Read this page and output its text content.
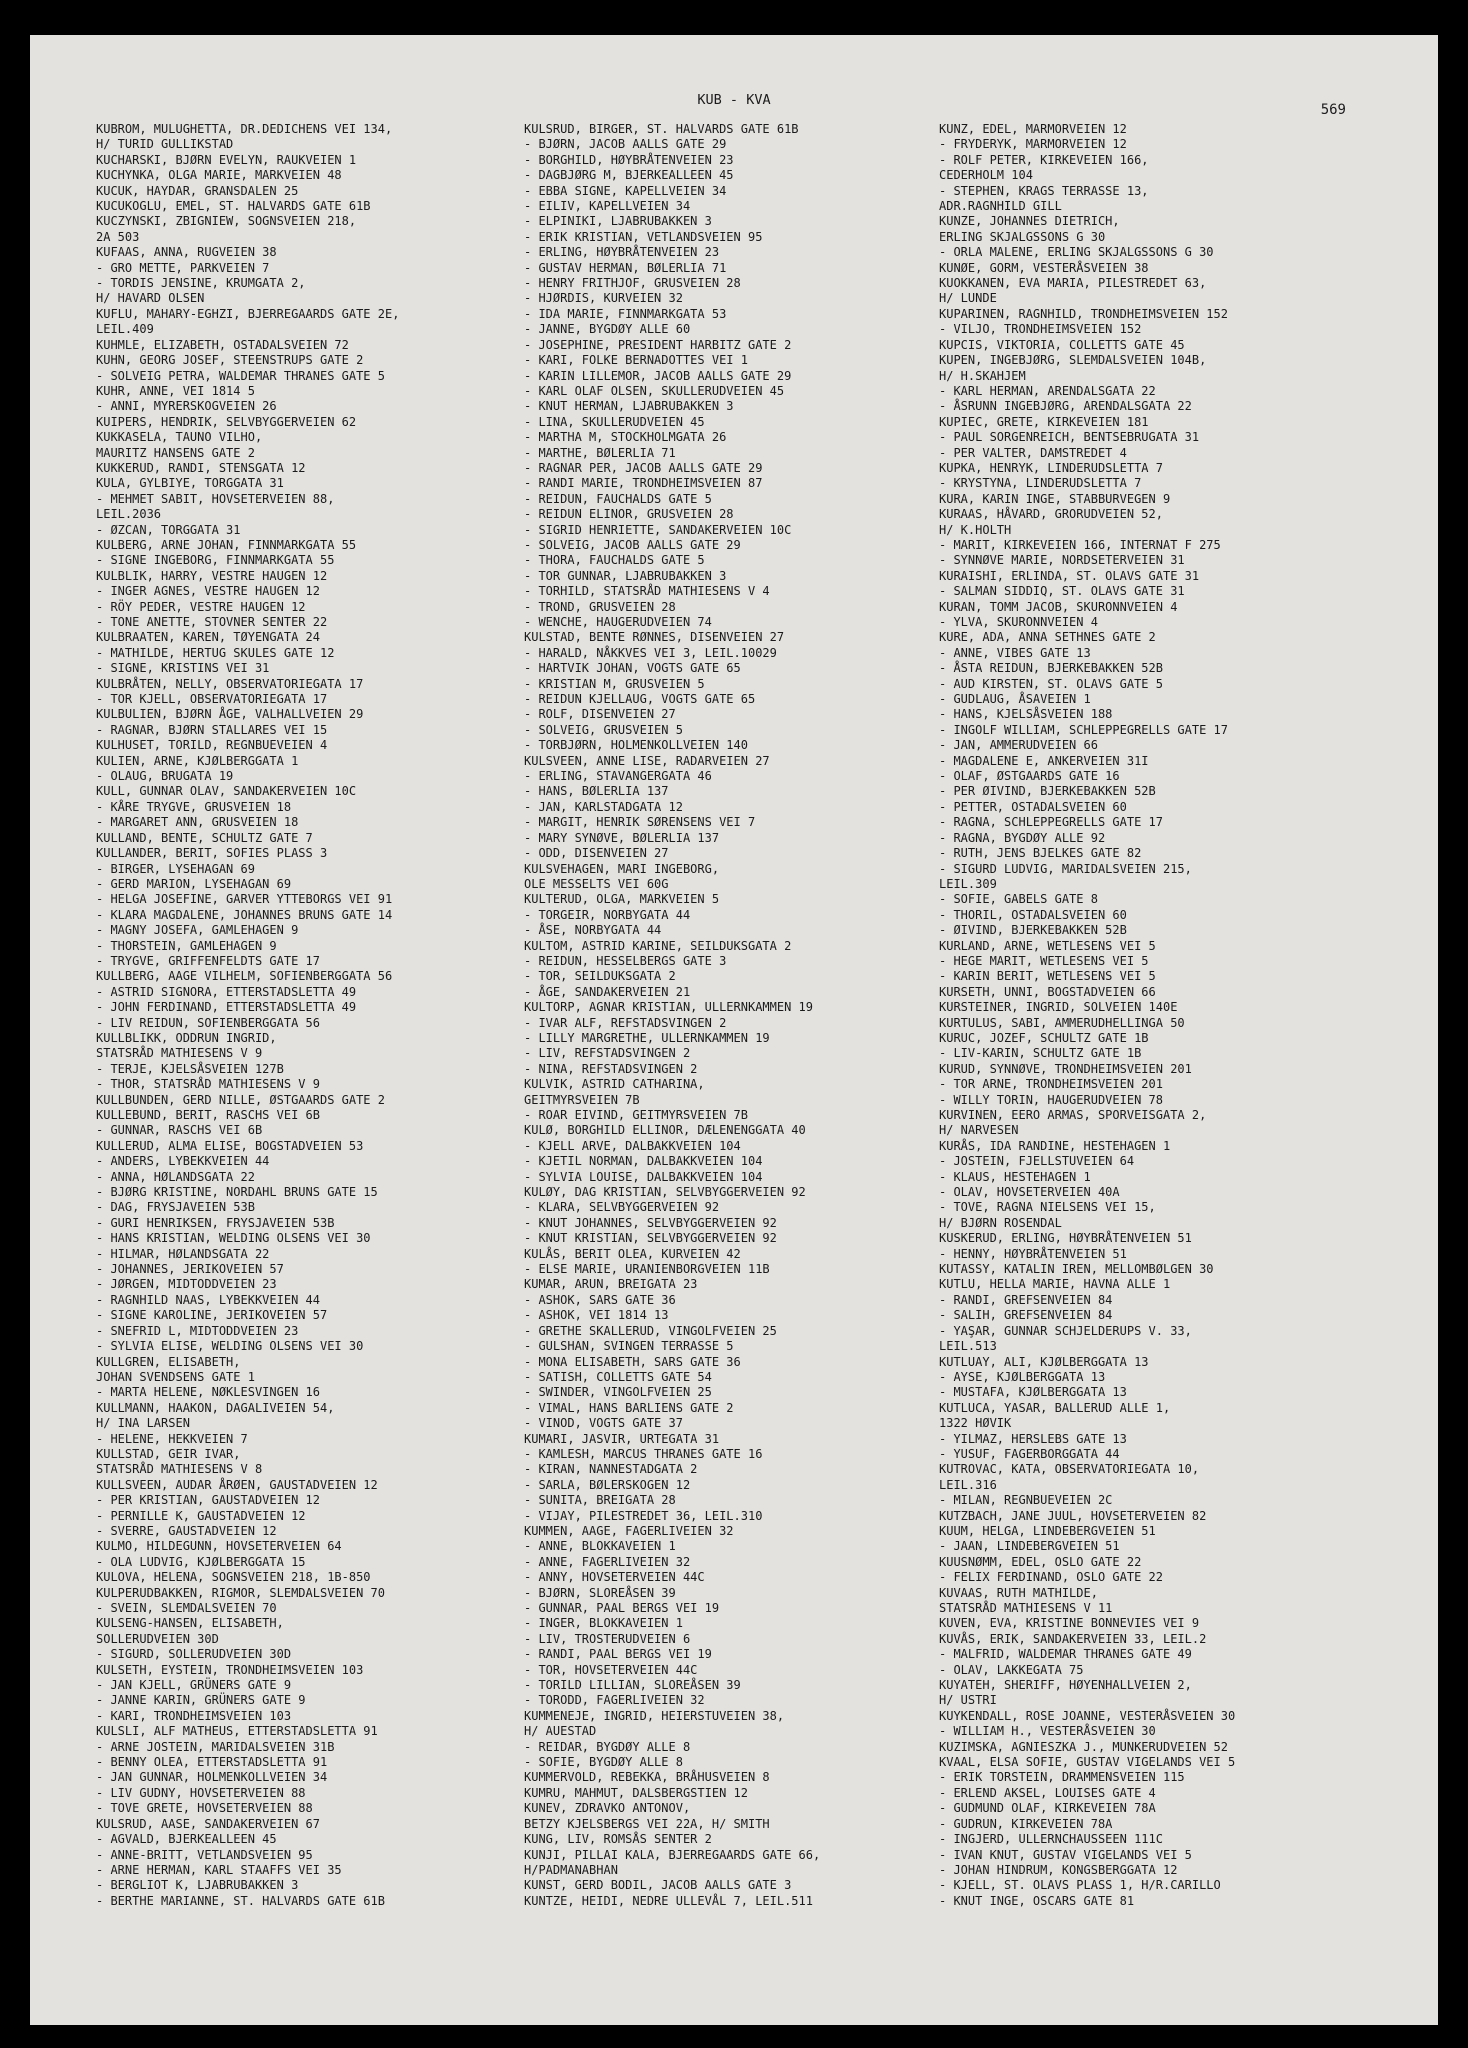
KUB - KVA
569
KUBROM, MULUGHETTA, DR.DEDICHENS VEI 134,
H/ TURID GULLIKSTAD
KUCHARSKI, BJØRN EVELYN, RAUKVEIEN 1
KUCHYNKA, OLGA MARIE, MARKVEIEN 48
KUCUK, HAYDAR, GRANSDALEN 25
KUCUKOGLU, EMEL, ST. HALVARDS GATE 61B
KUCZYNSKI, ZBIGNIEW, SOGNSVEIEN 218,
2A 503
KUFAAS, ANNA, RUGVEIEN 38
- GRO METTE, PARKVEIEN 7
- TORDIS JENSINE, KRUMGATA 2,
H/ HAVARD OLSEN
KUFLU, MAHARY-EGHZI, BJERREGAARDS GATE 2E,
LEIL.409
KUHMLE, ELIZABETH, OSTADALSVEIEN 72
KUHN, GEORG JOSEF, STEENSTRUPS GATE 2
- SOLVEIG PETRA, WALDEMAR THRANES GATE 5
KUHR, ANNE, VEI 1814 5
- ANNI, MYRERSKOGVEIEN 26
KUIPERS, HENDRIK, SELVBYGGERVEIEN 62
KUKKASELA, TAUNO VILHO,
MAURITZ HANSENS GATE 2
KUKKERUD, RANDI, STENSGATA 12
KULA, GYLBIYE, TORGGATA 31
- MEHMET SABIT, HOVSETERVEIEN 88,
LEIL.2036
- ØZCAN, TORGGATA 31
KULBERG, ARNE JOHAN, FINNMARKGATA 55
- SIGNE INGEBORG, FINNMARKGATA 55
KULBLIK, HARRY, VESTRE HAUGEN 12
- INGER AGNES, VESTRE HAUGEN 12
- RÖY PEDER, VESTRE HAUGEN 12
- TONE ANETTE, STOVNER SENTER 22
KULBRAATEN, KAREN, TØYENGATA 24
- MATHILDE, HERTUG SKULES GATE 12
- SIGNE, KRISTINS VEI 31
KULBRÅTEN, NELLY, OBSERVATORIEGATA 17
- TOR KJELL, OBSERVATORIEGATA 17
KULBULIEN, BJØRN ÅGE, VALHALLVEIEN 29
- RAGNAR, BJØRN STALLARES VEI 15
KULHUSET, TORILD, REGNBUEVEIEN 4
KULIEN, ARNE, KJØLBERGGATA 1
- OLAUG, BRUGATA 19
KULL, GUNNAR OLAV, SANDAKERVEIEN 10C
- KÅRE TRYGVE, GRUSVEIEN 18
- MARGARET ANN, GRUSVEIEN 18
KULLAND, BENTE, SCHULTZ GATE 7
KULLANDER, BERIT, SOFIES PLASS 3
- BIRGER, LYSEHAGAN 69
- GERD MARION, LYSEHAGAN 69
- HELGA JOSEFINE, GARVER YTTEBORGS VEI 91
- KLARA MAGDALENE, JOHANNES BRUNS GATE 14
- MAGNY JOSEFA, GAMLEHAGEN 9
- THORSTEIN, GAMLEHAGEN 9
- TRYGVE, GRIFFENFELDTS GATE 17
KULLBERG, AAGE VILHELM, SOFIENBERGGATA 56
- ASTRID SIGNORA, ETTERSTADSLETTA 49
- JOHN FERDINAND, ETTERSTADSLETTA 49
- LIV REIDUN, SOFIENBERGGATA 56
KULLBLIKK, ODDRUN INGRID,
STATSRÅD MATHIESENS V 9
- TERJE, KJELSÅSVEIEN 127B
- THOR, STATSRÅD MATHIESENS V 9
KULLBUNDEN, GERD NILLE, ØSTGAARDS GATE 2
KULLEBUND, BERIT, RASCHS VEI 6B
- GUNNAR, RASCHS VEI 6B
KULLERUD, ALMA ELISE, BOGSTADVEIEN 53
- ANDERS, LYBEKKVEIEN 44
- ANNA, HØLANDSGATA 22
- BJØRG KRISTINE, NORDAHL BRUNS GATE 15
- DAG, FRYSJAVEIEN 53B
- GURI HENRIKSEN, FRYSJAVEIEN 53B
- HANS KRISTIAN, WELDING OLSENS VEI 30
- HILMAR, HØLANDSGATA 22
- JOHANNES, JERIKOVEIEN 57
- JØRGEN, MIDTODDVEIEN 23
- RAGNHILD NAAS, LYBEKKVEIEN 44
- SIGNE KAROLINE, JERIKOVEIEN 57
- SNEFRID L, MIDTODDVEIEN 23
- SYLVIA ELISE, WELDING OLSENS VEI 30
KULLGREN, ELISABETH,
JOHAN SVENDSENS GATE 1
- MARTA HELENE, NØKLESVINGEN 16
KULLMANN, HAAKON, DAGALIVEIEN 54,
H/ INA LARSEN
- HELENE, HEKKVEIEN 7
KULLSTAD, GEIR IVAR,
STATSRÅD MATHIESENS V 8
KULLSVEEN, AUDAR ÅRØEN, GAUSTADVEIEN 12
- PER KRISTIAN, GAUSTADVEIEN 12
- PERNILLE K, GAUSTADVEIEN 12
- SVERRE, GAUSTADVEIEN 12
KULMO, HILDEGUNN, HOVSETERVEIEN 64
- OLA LUDVIG, KJØLBERGGATA 15
KULOVA, HELENA, SOGNSVEIEN 218, 1B-850
KULPERUDBAKKEN, RIGMOR, SLEMDALSVEIEN 70
- SVEIN, SLEMDALSVEIEN 70
KULSENG-HANSEN, ELISABETH,
SOLLERUDVEIEN 30D
- SIGURD, SOLLERUDVEIEN 30D
KULSETH, EYSTEIN, TRONDHEIMSVEIEN 103
- JAN KJELL, GRÜNERS GATE 9
- JANNE KARIN, GRÜNERS GATE 9
- KARI, TRONDHEIMSVEIEN 103
KULSLI, ALF MATHEUS, ETTERSTADSLETTA 91
- ARNE JOSTEIN, MARIDALSVEIEN 31B
- BENNY OLEA, ETTERSTADSLETTA 91
- JAN GUNNAR, HOLMENKOLLVEIEN 34
- LIV GUDNY, HOVSETERVEIEN 88
- TOVE GRETE, HOVSETERVEIEN 88
KULSRUD, AASE, SANDAKERVEIEN 67
- AGVALD, BJERKEALLEEN 45
- ANNE-BRITT, VETLANDSVEIEN 95
- ARNE HERMAN, KARL STAAFFS VEI 35
- BERGLIOT K, LJABRUBAKKEN 3
- BERTHE MARIANNE, ST. HALVARDS GATE 61B
KULSRUD, BIRGER, ST. HALVARDS GATE 61B
- BJØRN, JACOB AALLS GATE 29
- BORGHILD, HØYBRÅTENVEIEN 23
- DAGBJØRG M, BJERKEALLEEN 45
- EBBA SIGNE, KAPELLVEIEN 34
- EILIV, KAPELLVEIEN 34
- ELPINIKI, LJABRUBAKKEN 3
- ERIK KRISTIAN, VETLANDSVEIEN 95
- ERLING, HØYBRÅTENVEIEN 23
- GUSTAV HERMAN, BØLERLIA 71
- HENRY FRITHJOF, GRUSVEIEN 28
- HJØRDIS, KURVEIEN 32
- IDA MARIE, FINNMARKGATA 53
- JANNE, BYGDØY ALLE 60
- JOSEPHINE, PRESIDENT HARBITZ GATE 2
- KARI, FOLKE BERNADOTTES VEI 1
- KARIN LILLEMOR, JACOB AALLS GATE 29
- KARL OLAF OLSEN, SKULLERUDVEIEN 45
- KNUT HERMAN, LJABRUBAKKEN 3
- LINA, SKULLERUDVEIEN 45
- MARTHA M, STOCKHOLMGATA 26
- MARTHE, BØLERLIA 71
- RAGNAR PER, JACOB AALLS GATE 29
- RANDI MARIE, TRONDHEIMSVEIEN 87
- REIDUN, FAUCHALDS GATE 5
- REIDUN ELINOR, GRUSVEIEN 28
- SIGRID HENRIETTE, SANDAKERVEIEN 10C
- SOLVEIG, JACOB AALLS GATE 29
- THORA, FAUCHALDS GATE 5
- TOR GUNNAR, LJABRUBAKKEN 3
- TORHILD, STATSRÅD MATHIESENS V 4
- TROND, GRUSVEIEN 28
- WENCHE, HAUGERUDVEIEN 74
KULSTAD, BENTE RØNNES, DISENVEIEN 27
- HARALD, NÅKKVES VEI 3, LEIL.10029
- HARTVIK JOHAN, VOGTS GATE 65
- KRISTIAN M, GRUSVEIEN 5
- REIDUN KJELLAUG, VOGTS GATE 65
- ROLF, DISENVEIEN 27
- SOLVEIG, GRUSVEIEN 5
- TORBJØRN, HOLMENKOLLVEIEN 140
KULSVEEN, ANNE LISE, RADARVEIEN 27
- ERLING, STAVANGERGATA 46
- HANS, BØLERLIA 137
- JAN, KARLSTADGATA 12
- MARGIT, HENRIK SØRENSENS VEI 7
- MARY SYNØVE, BØLERLIA 137
- ODD, DISENVEIEN 27
KULSVEHAGEN, MARI INGEBORG,
OLE MESSELTS VEI 60G
KULTERUD, OLGA, MARKVEIEN 5
- TORGEIR, NORBYGATA 44
- ÅSE, NORBYGATA 44
KULTOM, ASTRID KARINE, SEILDUKSGATA 2
- REIDUN, HESSELBERGS GATE 3
- TOR, SEILDUKSGATA 2
- ÅGE, SANDAKERVEIEN 21
KULTORP, AGNAR KRISTIAN, ULLERNKAMMEN 19
- IVAR ALF, REFSTADSVINGEN 2
- LILLY MARGRETHE, ULLERNKAMMEN 19
- LIV, REFSTADSVINGEN 2
- NINA, REFSTADSVINGEN 2
KULVIK, ASTRID CATHARINA,
GEITMYRSVEIEN 7B
- ROAR EIVIND, GEITMYRSVEIEN 7B
KULØ, BORGHILD ELLINOR, DÆLENENGGATA 40
- KJELL ARVE, DALBAKKVEIEN 104
- KJETIL NORMAN, DALBAKKVEIEN 104
- SYLVIA LOUISE, DALBAKKVEIEN 104
KULØY, DAG KRISTIAN, SELVBYGGERVEIEN 92
- KLARA, SELVBYGGERVEIEN 92
- KNUT JOHANNES, SELVBYGGERVEIEN 92
- KNUT KRISTIAN, SELVBYGGERVEIEN 92
KULÅS, BERIT OLEA, KURVEIEN 42
- ELSE MARIE, URANIENBORGVEIEN 11B
KUMAR, ARUN, BREIGATA 23
- ASHOK, SARS GATE 36
- ASHOK, VEI 1814 13
- GRETHE SKALLERUD, VINGOLFVEIEN 25
- GULSHAN, SVINGEN TERRASSE 5
- MONA ELISABETH, SARS GATE 36
- SATISH, COLLETTS GATE 54
- SWINDER, VINGOLFVEIEN 25
- VIMAL, HANS BARLIENS GATE 2
- VINOD, VOGTS GATE 37
KUMARI, JASVIR, URTEGATA 31
- KAMLESH, MARCUS THRANES GATE 16
- KIRAN, NANNESTADGATA 2
- SARLA, BØLERSKOGEN 12
- SUNITA, BREIGATA 28
- VIJAY, PILESTREDET 36, LEIL.310
KUMMEN, AAGE, FAGERLIVEIEN 32
- ANNE, BLOKKAVEIEN 1
- ANNE, FAGERLIVEIEN 32
- ANNY, HOVSETERVEIEN 44C
- BJØRN, SLOREÅSEN 39
- GUNNAR, PAAL BERGS VEI 19
- INGER, BLOKKAVEIEN 1
- LIV, TROSTERUDVEIEN 6
- RANDI, PAAL BERGS VEI 19
- TOR, HOVSETERVEIEN 44C
- TORILD LILLIAN, SLOREÅSEN 39
- TORODD, FAGERLIVEIEN 32
KUMMENEJE, INGRID, HEIERSTUVEIEN 38,
H/ AUESTAD
- REIDAR, BYGDØY ALLE 8
- SOFIE, BYGDØY ALLE 8
KUMMERVOLD, REBEKKA, BRÅHUSVEIEN 8
KUMRU, MAHMUT, DALSBERGSTIEN 12
KUNEV, ZDRAVKO ANTONOV,
BETZY KJELSBERGS VEI 22A, H/ SMITH
KUNG, LIV, ROMSÅS SENTER 2
KUNJI, PILLAI KALA, BJERREGAARDS GATE 66,
H/PADMANABHAN
KUNST, GERD BODIL, JACOB AALLS GATE 3
KUNTZE, HEIDI, NEDRE ULLEVÅL 7, LEIL.511
KUNZ, EDEL, MARMORVEIEN 12
- FRYDERYK, MARMORVEIEN 12
- ROLF PETER, KIRKEVEIEN 166,
CEDERHOLM 104
- STEPHEN, KRAGS TERRASSE 13,
ADR.RAGNHILD GILL
KUNZE, JOHANNES DIETRICH,
ERLING SKJALGSSONS G 30
- ORLA MALENE, ERLING SKJALGSSONS G 30
KUNØE, GORM, VESTERÅSVEIEN 38
KUOKKANEN, EVA MARIA, PILESTREDET 63,
H/ LUNDE
KUPARINEN, RAGNHILD, TRONDHEIMSVEIEN 152
- VILJO, TRONDHEIMSVEIEN 152
KUPCIS, VIKTORIA, COLLETTS GATE 45
KUPEN, INGEBJØRG, SLEMDALSVEIEN 104B,
H/ H.SKAHJEM
- KARL HERMAN, ARENDALSGATA 22
- ÅSRUNN INGEBJØRG, ARENDALSGATA 22
KUPIEC, GRETE, KIRKEVEIEN 181
- PAUL SORGENREICH, BENTSEBRUGATA 31
- PER VALTER, DAMSTREDET 4
KUPKA, HENRYK, LINDERUDSLETTA 7
- KRYSTYNA, LINDERUDSLETTA 7
KURA, KARIN INGE, STABBURVEGEN 9
KURAAS, HÅVARD, GRORUDVEIEN 52,
H/ K.HOLTH
- MARIT, KIRKEVEIEN 166, INTERNAT F 275
- SYNNØVE MARIE, NORDSETERVEIEN 31
KURAISHI, ERLINDA, ST. OLAVS GATE 31
- SALMAN SIDDIQ, ST. OLAVS GATE 31
KURAN, TOMM JACOB, SKURONNVEIEN 4
- YLVA, SKURONNVEIEN 4
KURE, ADA, ANNA SETHNES GATE 2
- ANNE, VIBES GATE 13
- ÅSTA REIDUN, BJERKEBAKKEN 52B
- AUD KIRSTEN, ST. OLAVS GATE 5
- GUDLAUG, ÅSAVEIEN 1
- HANS, KJELSÅSVEIEN 188
- INGOLF WILLIAM, SCHLEPPEGRELLS GATE 17
- JAN, AMMERUDVEIEN 66
- MAGDALENE E, ANKERVEIEN 31I
- OLAF, ØSTGAARDS GATE 16
- PER ØIVIND, BJERKEBAKKEN 52B
- PETTER, OSTADALSVEIEN 60
- RAGNA, SCHLEPPEGRELLS GATE 17
- RAGNA, BYGDØY ALLE 92
- RUTH, JENS BJELKES GATE 82
- SIGURD LUDVIG, MARIDALSVEIEN 215,
LEIL.309
- SOFIE, GABELS GATE 8
- THORIL, OSTADALSVEIEN 60
- ØIVIND, BJERKEBAKKEN 52B
KURLAND, ARNE, WETLESENS VEI 5
- HEGE MARIT, WETLESENS VEI 5
- KARIN BERIT, WETLESENS VEI 5
KURSETH, UNNI, BOGSTADVEIEN 66
KURSTEINER, INGRID, SOLVEIEN 140E
KURTULUS, SABI, AMMERUDHELLINGA 50
KURUC, JOZEF, SCHULTZ GATE 1B
- LIV-KARIN, SCHULTZ GATE 1B
KURUD, SYNNØVE, TRONDHEIMSVEIEN 201
- TOR ARNE, TRONDHEIMSVEIEN 201
- WILLY TORIN, HAUGERUDVEIEN 78
KURVINEN, EERO ARMAS, SPORVEISGATA 2,
H/ NARVESEN
KURÅS, IDA RANDINE, HESTEHAGEN 1
- JOSTEIN, FJELLSTUVEIEN 64
- KLAUS, HESTEHAGEN 1
- OLAV, HOVSETERVEIEN 40A
- TOVE, RAGNA NIELSENS VEI 15,
H/ BJØRN ROSENDAL
KUSKERUD, ERLING, HØYBRÅTENVEIEN 51
- HENNY, HØYBRÅTENVEIEN 51
KUTASSY, KATALIN IREN, MELLOMBØLGEN 30
KUTLU, HELLA MARIE, HAVNA ALLE 1
- RANDI, GREFSENVEIEN 84
- SALIH, GREFSENVEIEN 84
- YAŞAR, GUNNAR SCHJELDERUPS V. 33,
LEIL.513
KUTLUAY, ALI, KJØLBERGGATA 13
- AYSE, KJØLBERGGATA 13
- MUSTAFA, KJØLBERGGATA 13
KUTLUCA, YASAR, BALLERUD ALLE 1,
1322 HØVIK
- YILMAZ, HERSLEBS GATE 13
- YUSUF, FAGERBORGGATA 44
KUTROVAC, KATA, OBSERVATORIEGATA 10,
LEIL.316
- MILAN, REGNBUEVEIEN 2C
KUTZBACH, JANE JUUL, HOVSETERVEIEN 82
KUUM, HELGA, LINDEBERGVEIEN 51
- JAAN, LINDEBERGVEIEN 51
KUUSNØMM, EDEL, OSLO GATE 22
- FELIX FERDINAND, OSLO GATE 22
KUVAAS, RUTH MATHILDE,
STATSRÅD MATHIESENS V 11
KUVEN, EVA, KRISTINE BONNEVIES VEI 9
KUVÅS, ERIK, SANDAKERVEIEN 33, LEIL.2
- MALFRID, WALDEMAR THRANES GATE 49
- OLAV, LAKKEGATA 75
KUYATEH, SHERIFF, HØYENHALLVEIEN 2,
H/ USTRI
KUYKENDALL, ROSE JOANNE, VESTERÅSVEIEN 30
- WILLIAM H., VESTERÅSVEIEN 30
KUZIMSKA, AGNIESZKA J., MUNKERUDVEIEN 52
KVAAL, ELSA SOFIE, GUSTAV VIGELANDS VEI 5
- ERIK TORSTEIN, DRAMMENSVEIEN 115
- ERLEND AKSEL, LOUISES GATE 4
- GUDMUND OLAF, KIRKEVEIEN 78A
- GUDRUN, KIRKEVEIEN 78A
- INGJERD, ULLERNCHAUSSEEN 111C
- IVAN KNUT, GUSTAV VIGELANDS VEI 5
- JOHAN HINDRUM, KONGSBERGGATA 12
- KJELL, ST. OLAVS PLASS 1, H/R.CARILLO
- KNUT INGE, OSCARS GATE 81
